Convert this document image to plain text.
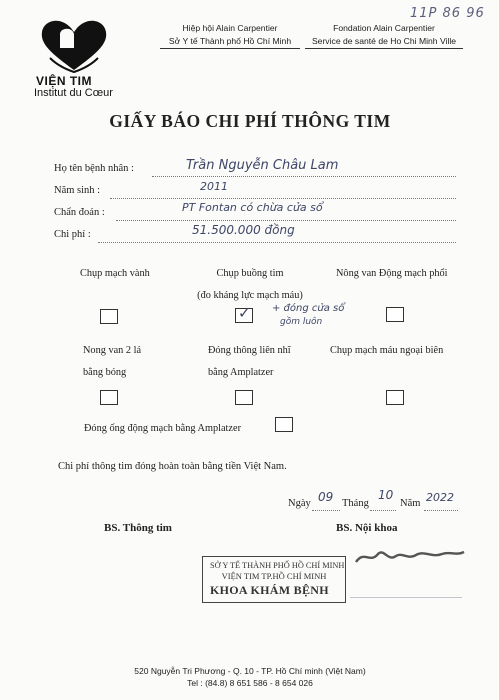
11P 86 96
VIỆN TIM
Institut du Cœur
Hiệp hội Alain Carpentier
Sở Y tế Thành phố Hồ Chí Minh
Fondation Alain Carpentier
Service de santé de Ho Chi Minh Ville
GIẤY BÁO CHI PHÍ THÔNG TIM
Họ tên bệnh nhân :	Trần Nguyễn Châu Lam
Năm sinh :	2011
Chẩn đoán :	PT Fontan có chừa cửa sổ
Chi phí :	51.500.000 đồng
Chụp mạch vành	Chụp buồng tim
(đo kháng lực mạch máu)
Nông van Động mạch phổi
✓ + đóng cửa sổ
gồm luôn
Nong van 2 lá
bằng bóng
Đóng thông liên nhĩ
bằng Amplatzer
Chụp mạch máu ngoại biên
Đóng ống động mạch bằng Amplatzer
Chi phí thông tim đóng hoàn toàn bằng tiền Việt Nam.
Ngày 09 Tháng
10
Năm 2022
BS. Thông tim	BS. Nội khoa
SỞ Y TẾ THÀNH PHỐ HỒ CHÍ MINH
VIỆN TIM TP.HỒ CHÍ MINH
KHOA KHÁM BỆNH
520 Nguyễn Tri Phương - Q. 10 - TP. Hồ Chí minh (Việt Nam)
Tel : (84.8) 8 651 586 - 8 654 026
